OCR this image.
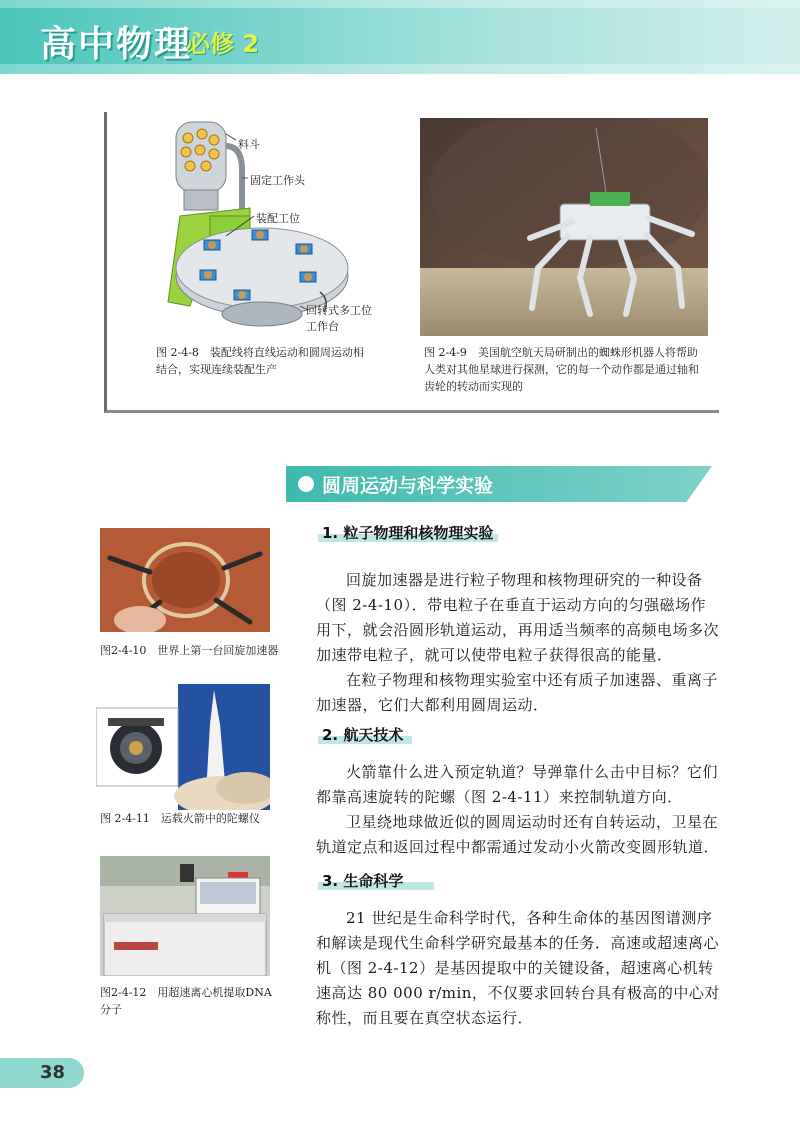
高中物理
必修 2
料斗
固定工作头
装配工位
回转式多工位
工作台
图 2-4-8　装配线将直线运动和圆周运动相
结合，实现连续装配生产
图 2-4-9　美国航空航天局研制出的蜘蛛形机器人将帮助
人类对其他星球进行探测，它的每一个动作都是通过轴和
齿轮的转动而实现的
圆周运动与科学实验
图2-4-10　世界上第一台回旋加速器
图 2-4-11　运载火箭中的陀螺仪
图2-4-12　用超速离心机提取DNA
分子
1. 粒子物理和核物理实验

回旋加速器是进行粒子物理和核物理研究的一种设备（图 2-4-10）．带电粒子在垂直于运动方向的匀强磁场作用下，就会沿圆形轨道运动，再用适当频率的高频电场多次加速带电粒子，就可以使带电粒子获得很高的能量．

在粒子物理和核物理实验室中还有质子加速器、重离子加速器，它们大都利用圆周运动．

2. 航天技术

火箭靠什么进入预定轨道？导弹靠什么击中目标？它们都靠高速旋转的陀螺（图 2-4-11）来控制轨道方向．

卫星绕地球做近似的圆周运动时还有自转运动，卫星在轨道定点和返回过程中都需通过发动小火箭改变圆形轨道．

3. 生命科学

21 世纪是生命科学时代，各种生命体的基因图谱测序和解读是现代生命科学研究最基本的任务．高速或超速离心机（图 2-4-12）是基因提取中的关键设备，超速离心机转速高达 80 000 r/min，不仅要求回转台具有极高的中心对称性，而且要在真空状态运行．

38
